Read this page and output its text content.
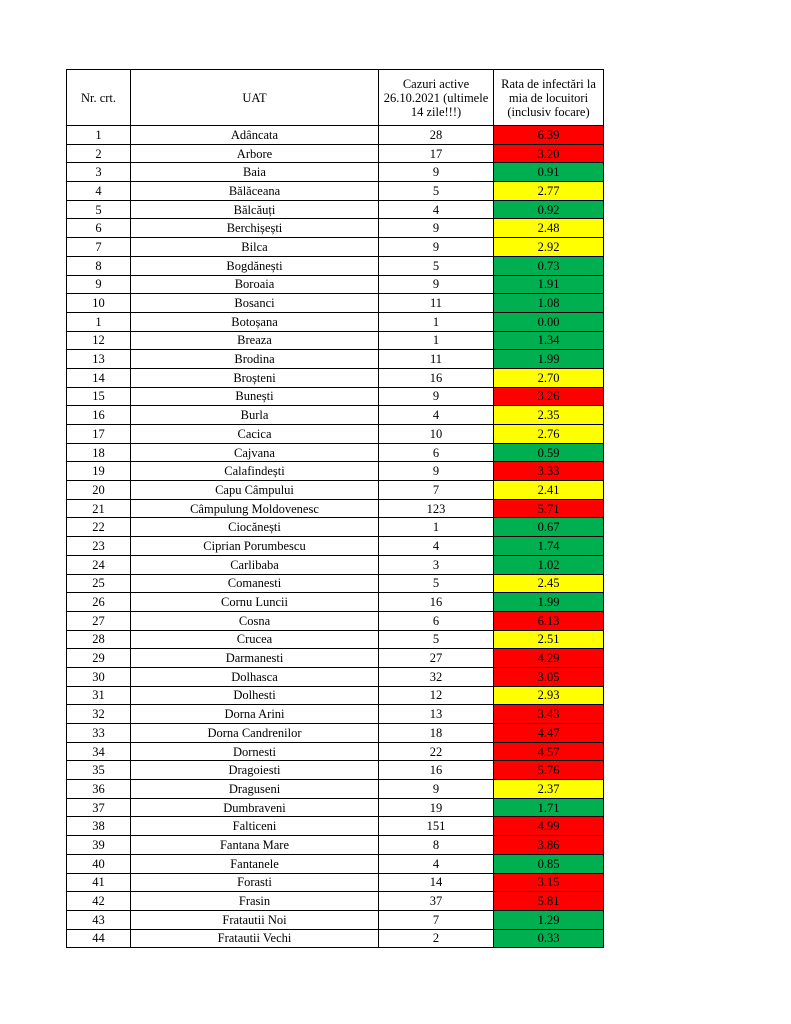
Nr. crt.	UAT	Cazuri active 26.10.2021 (ultimele 14 zile!!!)	Rata de infectări la mia de locuitori (inclusiv focare)
1	Adâncata	28	6.39
2	Arbore	17	3.20
3	Baia	9	0.91
4	Bălăceana	5	2.77
5	Bălcăuți	4	0.92
6	Berchișești	9	2.48
7	Bilca	9	2.92
8	Bogdănești	5	0.73
9	Boroaia	9	1.91
10	Bosanci	11	1.08
1	Botoșana	1	0.00
12	Breaza	1	1.34
13	Brodina	11	1.99
14	Broșteni	16	2.70
15	Bunești	9	3.26
16	Burla	4	2.35
17	Cacica	10	2.76
18	Cajvana	6	0.59
19	Calafindești	9	3.33
20	Capu Câmpului	7	2.41
21	Câmpulung Moldovenesc	123	5.71
22	Ciocănești	1	0.67
23	Ciprian Porumbescu	4	1.74
24	Carlibaba	3	1.02
25	Comanesti	5	2.45
26	Cornu Luncii	16	1.99
27	Cosna	6	6.13
28	Crucea	5	2.51
29	Darmanesti	27	4.29
30	Dolhasca	32	3.05
31	Dolhesti	12	2.93
32	Dorna Arini	13	3.43
33	Dorna Candrenilor	18	4.47
34	Dornesti	22	4.57
35	Dragoiesti	16	5.76
36	Draguseni	9	2.37
37	Dumbraveni	19	1.71
38	Falticeni	151	4.99
39	Fantana Mare	8	3.86
40	Fantanele	4	0.85
41	Forasti	14	3.15
42	Frasin	37	5.81
43	Fratautii Noi	7	1.29
44	Fratautii Vechi	2	0.33
